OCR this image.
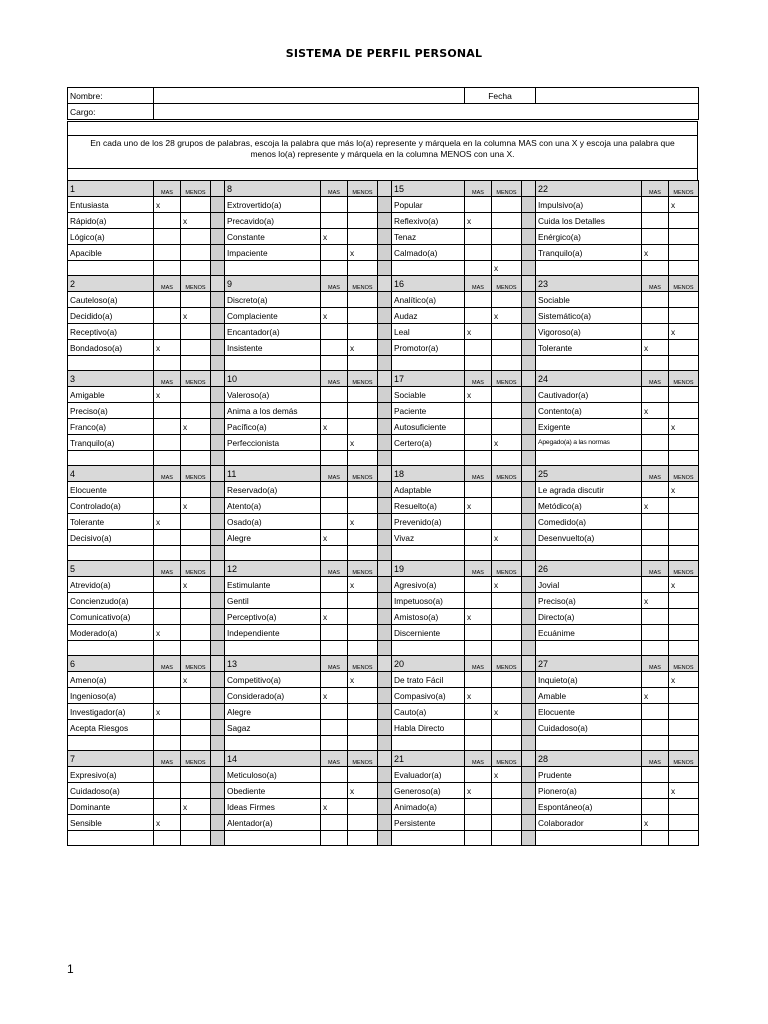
SISTEMA DE PERFIL PERSONAL
Nombre:		Fecha	
Cargo:			
En cada uno de los 28 grupos de palabras, escoja la palabra que más lo(a) represente y márquela en la columna MAS con una X y escoja una palabra que menos lo(a) represente y márquela en la columna MENOS con una X.
1	MAS	MENOS		8	MAS	MENOS		15	MAS	MENOS		22	MAS	MENOS
Entusiasta	x			Extrovertido(a)				Popular				Impulsivo(a)		x
Rápido(a)		x		Precavido(a)				Reflexivo(a)	x			Cuida los Detalles		
Lógico(a)				Constante	x			Tenaz				Enérgico(a)		
Apacible				Impaciente		x		Calmado(a)				Tranquilo(a)	x	
										x				
2	MAS	MENOS		9	MAS	MENOS		16	MAS	MENOS		23	MAS	MENOS
Cauteloso(a)				Discreto(a)				Analítico(a)				Sociable		
Decidido(a)		x		Complaciente	x			Audaz		x		Sistemático(a)		
Receptivo(a)				Encantador(a)				Leal	x			Vigoroso(a)		x
Bondadoso(a)	x			Insistente		x		Promotor(a)				Tolerante	x	

3	MAS	MENOS		10	MAS	MENOS		17	MAS	MENOS		24	MAS	MENOS
Amigable	x			Valeroso(a)				Sociable	x			Cautivador(a)		
Preciso(a)				Anima a los demás				Paciente				Contento(a)	x	
Franco(a)		x		Pacífico(a)	x			Autosuficiente				Exigente		x
Tranquilo(a)				Perfeccionista		x		Certero(a)		x		Apegado(a) a las normas		

4	MAS	MENOS		11	MAS	MENOS		18	MAS	MENOS		25	MAS	MENOS
Elocuente				Reservado(a)				Adaptable				Le agrada discutir		x
Controlado(a)		x		Atento(a)				Resuelto(a)	x			Metódico(a)	x	
Tolerante	x			Osado(a)		x		Prevenido(a)				Comedido(a)		
Decisivo(a)				Alegre	x			Vivaz		x		Desenvuelto(a)		

5	MAS	MENOS		12	MAS	MENOS		19	MAS	MENOS		26	MAS	MENOS
Atrevido(a)		x		Estimulante		x		Agresivo(a)		x		Jovial		x
Concienzudo(a)				Gentil				Impetuoso(a)				Preciso(a)	x	
Comunicativo(a)				Perceptivo(a)	x			Amistoso(a)	x			Directo(a)		
Moderado(a)	x			Independiente				Discerniente				Ecuánime		

6	MAS	MENOS		13	MAS	MENOS		20	MAS	MENOS		27	MAS	MENOS
Ameno(a)		x		Competitivo(a)		x		De trato Fácil				Inquieto(a)		x
Ingenioso(a)				Considerado(a)	x			Compasivo(a)	x			Amable	x	
Investigador(a)	x			Alegre				Cauto(a)		x		Elocuente		
Acepta Riesgos				Sagaz				Habla Directo				Cuidadoso(a)		

7	MAS	MENOS		14	MAS	MENOS		21	MAS	MENOS		28	MAS	MENOS
Expresivo(a)				Meticuloso(a)				Evaluador(a)		x		Prudente		
Cuidadoso(a)				Obediente		x		Generoso(a)	x			Pionero(a)		x
Dominante		x		Ideas Firmes	x			Animado(a)				Espontáneo(a)		
Sensible	x			Alentador(a)				Persistente				Colaborador	x	

1
